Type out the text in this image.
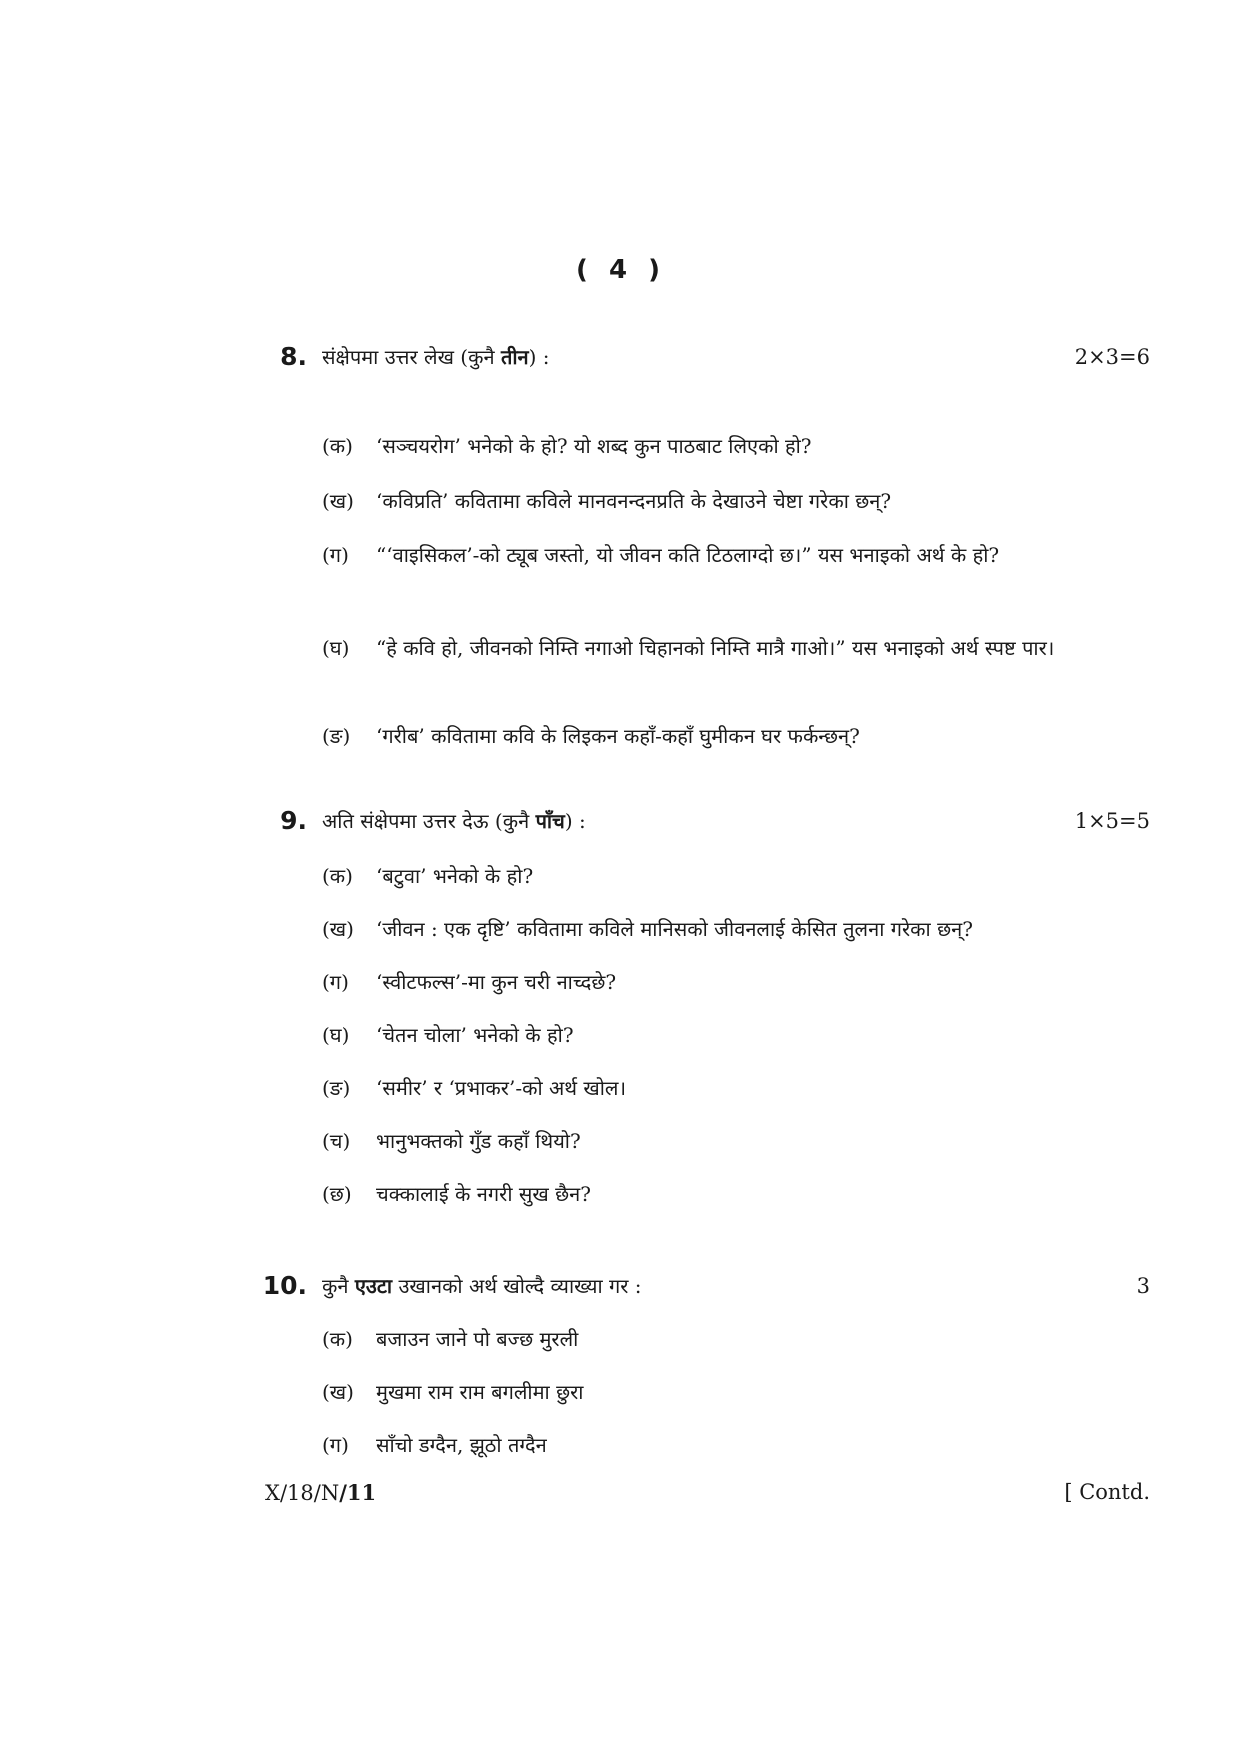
( 4 )
8. संक्षेपमा उत्तर लेख (कुनै तीन) :	2×3=6
(क) ‘सञ्चयरोग’ भनेको के हो? यो शब्द कुन पाठबाट लिएको हो?
(ख) ‘कविप्रति’ कवितामा कविले मानवनन्दनप्रति के देखाउने चेष्टा गरेका छन्?
(ग) “‘वाइसिकल’-को ट्यूब जस्तो, यो जीवन कति टिठलाग्दो छ।” यस भनाइको अर्थ के हो?
(घ) “हे कवि हो, जीवनको निम्ति नगाओ चिहानको निम्ति मात्रै गाओ।” यस भनाइको अर्थ स्पष्ट पार।
(ङ) ‘गरीब’ कवितामा कवि के लिइकन कहाँ-कहाँ घुमीकन घर फर्कन्छन्?
9. अति संक्षेपमा उत्तर देऊ (कुनै पाँच) :	1×5=5
(क) ‘बटुवा’ भनेको के हो?
(ख) ‘जीवन : एक दृष्टि’ कवितामा कविले मानिसको जीवनलाई केसित तुलना गरेका छन्?
(ग) ‘स्वीटफल्स’-मा कुन चरी नाच्दछे?
(घ) ‘चेतन चोला’ भनेको के हो?
(ङ) ‘समीर’ र ‘प्रभाकर’-को अर्थ खोल।
(च) भानुभक्तको गुँड कहाँ थियो?
(छ) चक्कालाई के नगरी सुख छैन?
10. कुनै एउटा उखानको अर्थ खोल्दै व्याख्या गर :	3
(क) बजाउन जाने पो बज्छ मुरली
(ख) मुखमा राम राम बगलीमा छुरा
(ग) साँचो डग्दैन, झूठो तग्दैन
X/18/N/11	[ Contd.
